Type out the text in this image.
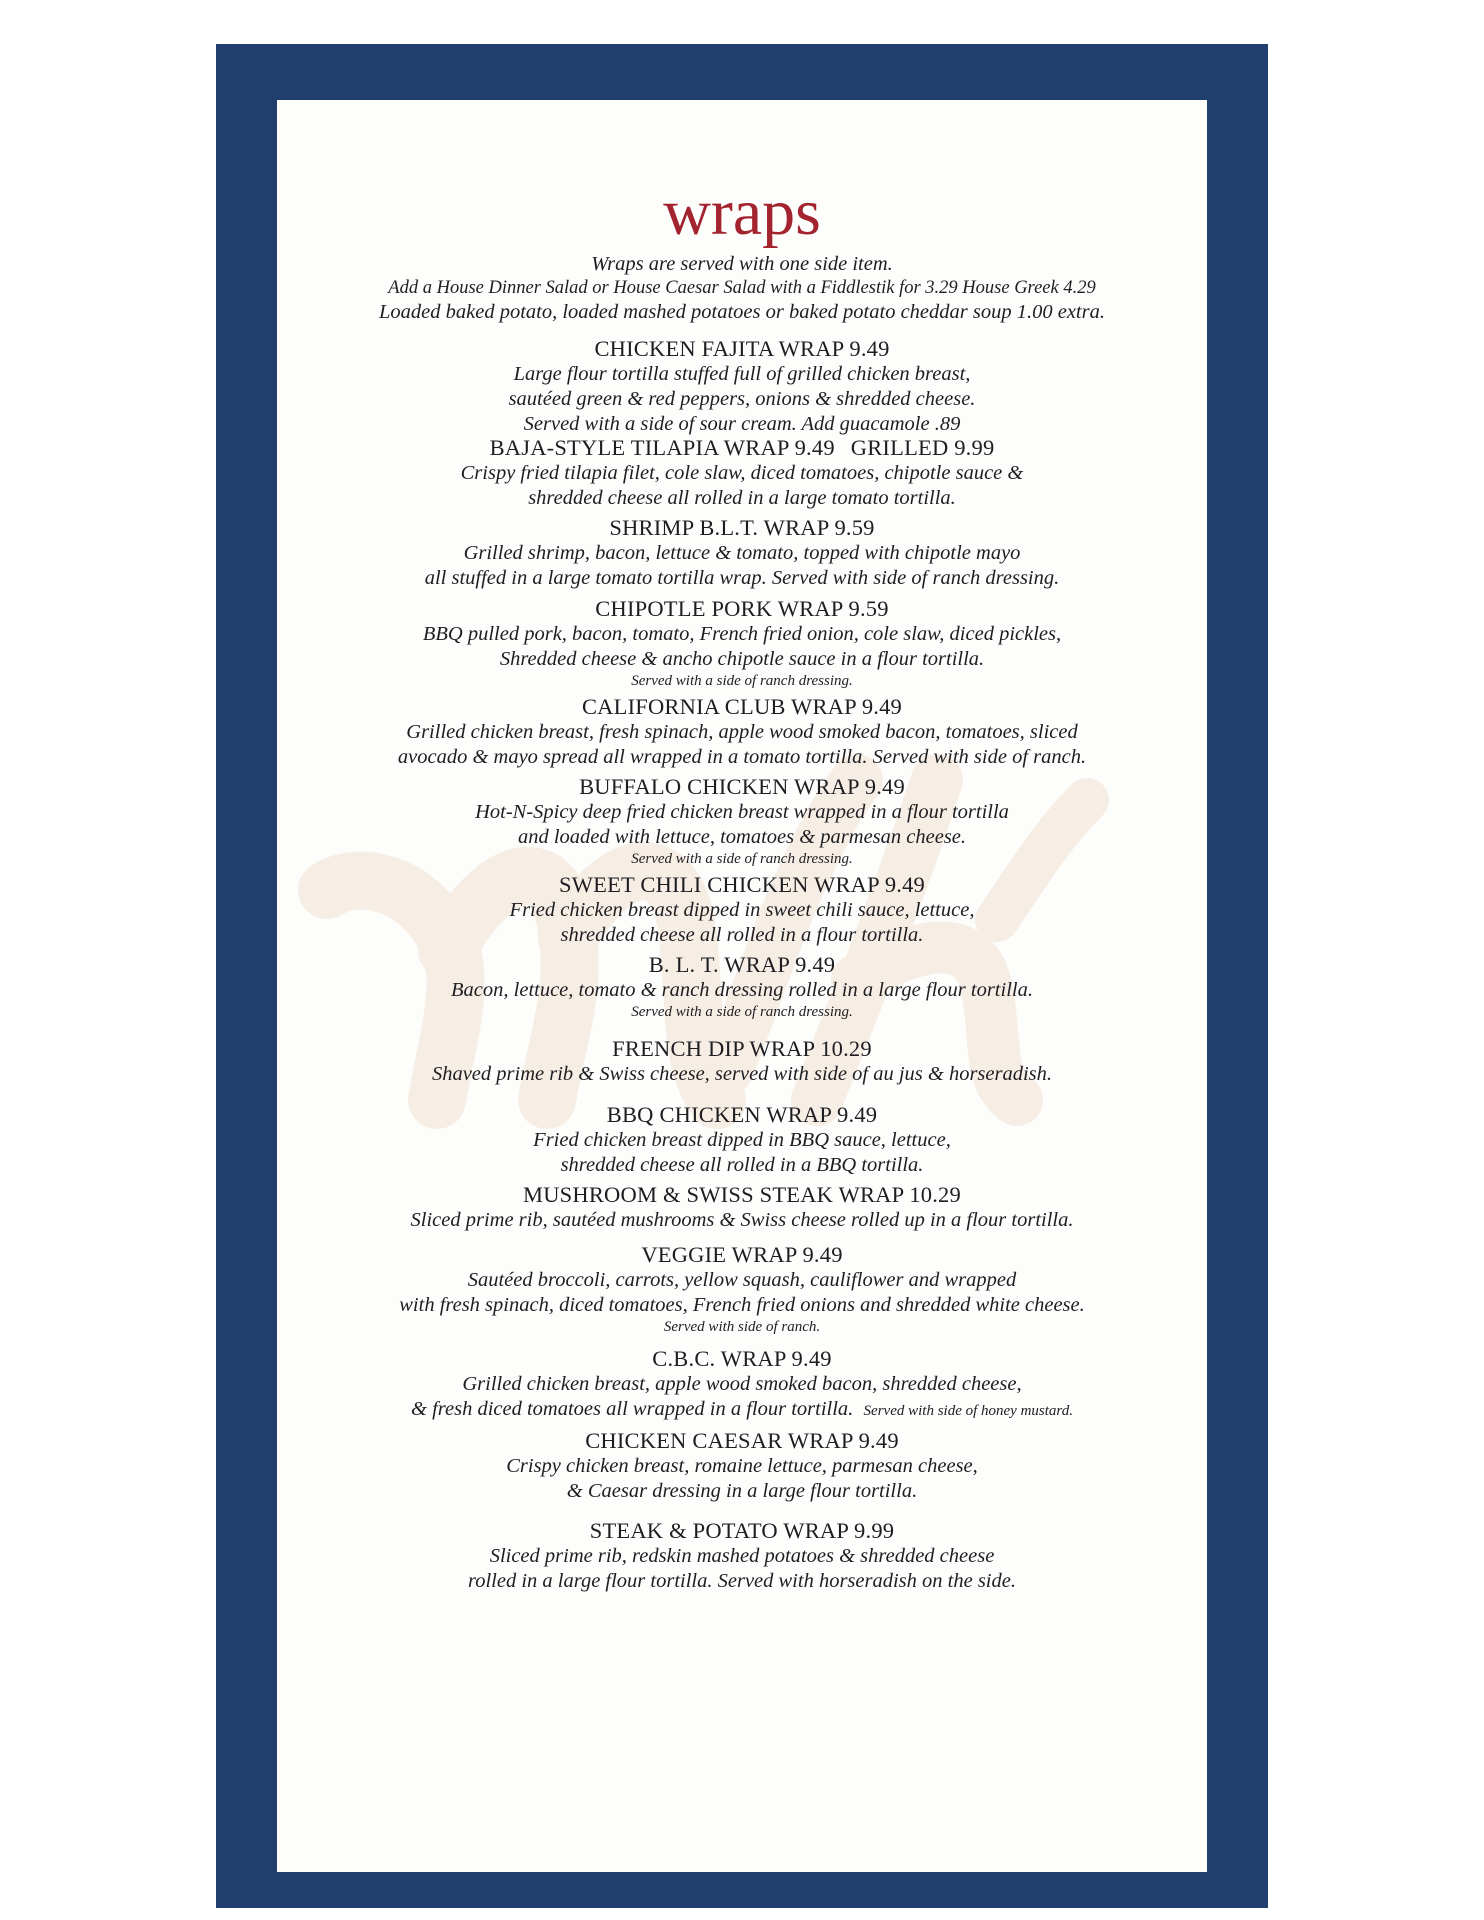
wraps
Wraps are served with one side item.
Add a House Dinner Salad or House Caesar Salad with a Fiddlestik for 3.29 House Greek 4.29
Loaded baked potato, loaded mashed potatoes or baked potato cheddar soup 1.00 extra.
CHICKEN FAJITA WRAP 9.49
Large flour tortilla stuffed full of grilled chicken breast,
sautéed green & red peppers, onions & shredded cheese.
Served with a side of sour cream. Add guacamole .89
BAJA-STYLE TILAPIA WRAP 9.49 GRILLED 9.99
Crispy fried tilapia filet, cole slaw, diced tomatoes, chipotle sauce &
shredded cheese all rolled in a large tomato tortilla.
SHRIMP B.L.T. WRAP 9.59
Grilled shrimp, bacon, lettuce & tomato, topped with chipotle mayo
all stuffed in a large tomato tortilla wrap. Served with side of ranch dressing.
CHIPOTLE PORK WRAP 9.59
BBQ pulled pork, bacon, tomato, French fried onion, cole slaw, diced pickles,
Shredded cheese & ancho chipotle sauce in a flour tortilla.
Served with a side of ranch dressing.
CALIFORNIA CLUB WRAP 9.49
Grilled chicken breast, fresh spinach, apple wood smoked bacon, tomatoes, sliced
avocado & mayo spread all wrapped in a tomato tortilla. Served with side of ranch.
BUFFALO CHICKEN WRAP 9.49
Hot-N-Spicy deep fried chicken breast wrapped in a flour tortilla
and loaded with lettuce, tomatoes & parmesan cheese.
Served with a side of ranch dressing.
SWEET CHILI CHICKEN WRAP 9.49
Fried chicken breast dipped in sweet chili sauce, lettuce,
shredded cheese all rolled in a flour tortilla.
B. L. T. WRAP 9.49
Bacon, lettuce, tomato & ranch dressing rolled in a large flour tortilla.
Served with a side of ranch dressing.
FRENCH DIP WRAP 10.29
Shaved prime rib & Swiss cheese, served with side of au jus & horseradish.
BBQ CHICKEN WRAP 9.49
Fried chicken breast dipped in BBQ sauce, lettuce,
shredded cheese all rolled in a BBQ tortilla.
MUSHROOM & SWISS STEAK WRAP 10.29
Sliced prime rib, sautéed mushrooms & Swiss cheese rolled up in a flour tortilla.
VEGGIE WRAP 9.49
Sautéed broccoli, carrots, yellow squash, cauliflower and wrapped
with fresh spinach, diced tomatoes, French fried onions and shredded white cheese.
Served with side of ranch.
C.B.C. WRAP 9.49
Grilled chicken breast, apple wood smoked bacon, shredded cheese,
& fresh diced tomatoes all wrapped in a flour tortilla. Served with side of honey mustard.
CHICKEN CAESAR WRAP 9.49
Crispy chicken breast, romaine lettuce, parmesan cheese,
& Caesar dressing in a large flour tortilla.
STEAK & POTATO WRAP 9.99
Sliced prime rib, redskin mashed potatoes & shredded cheese
rolled in a large flour tortilla. Served with horseradish on the side.
